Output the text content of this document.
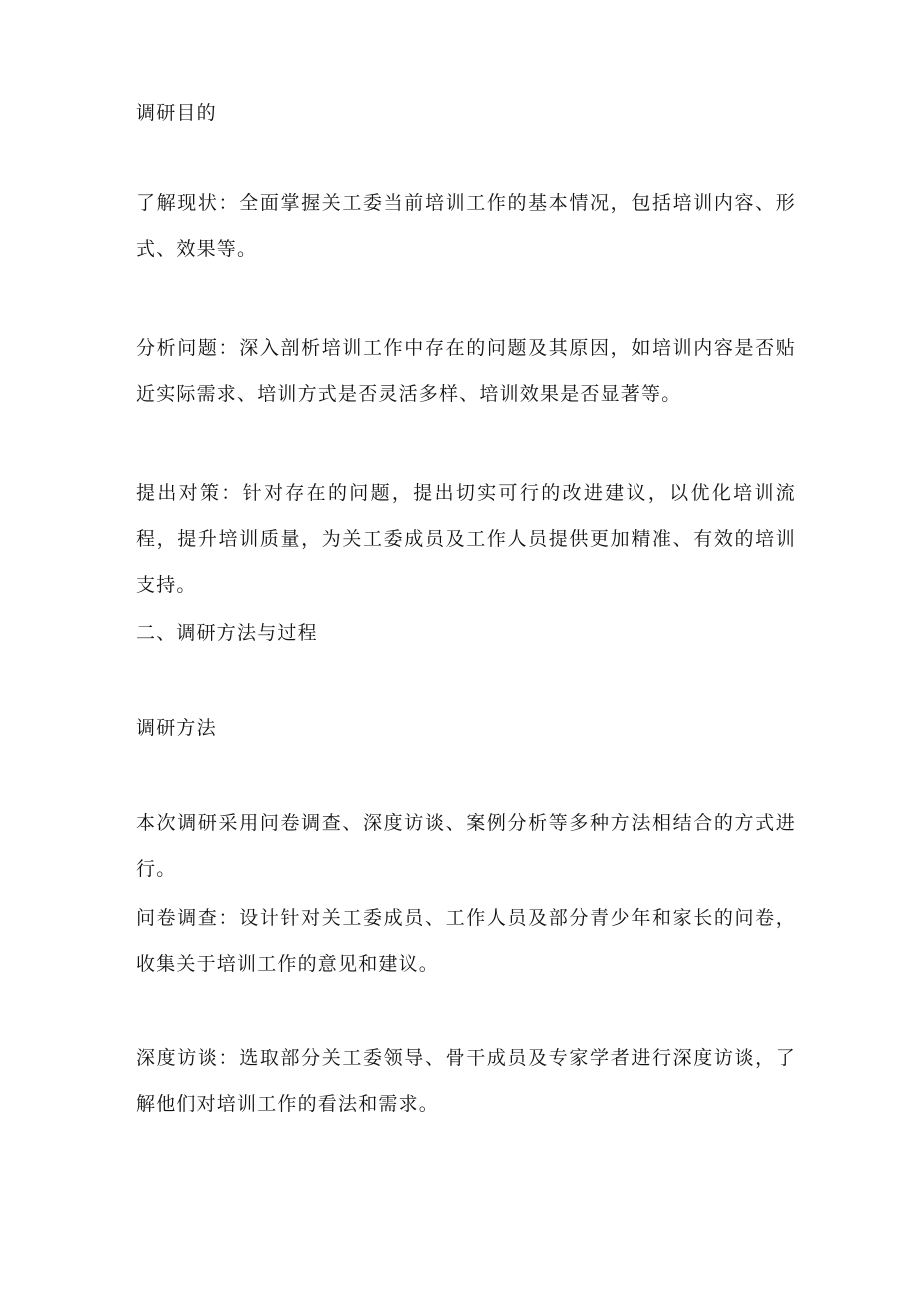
调研目的

了解现状：全面掌握关工委当前培训工作的基本情况，包括培训内容、形式、效果等。

分析问题：深入剖析培训工作中存在的问题及其原因，如培训内容是否贴近实际需求、培训方式是否灵活多样、培训效果是否显著等。

提出对策：针对存在的问题，提出切实可行的改进建议，以优化培训流程，提升培训质量，为关工委成员及工作人员提供更加精准、有效的培训支持。

二、调研方法与过程

调研方法

本次调研采用问卷调查、深度访谈、案例分析等多种方法相结合的方式进行。

问卷调查：设计针对关工委成员、工作人员及部分青少年和家长的问卷，收集关于培训工作的意见和建议。

深度访谈：选取部分关工委领导、骨干成员及专家学者进行深度访谈，了解他们对培训工作的看法和需求。
